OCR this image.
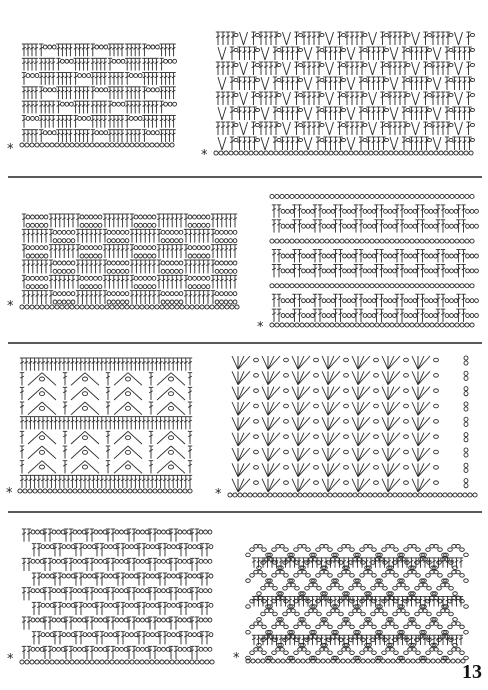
*	*
*
*
*	*
*	*
13
